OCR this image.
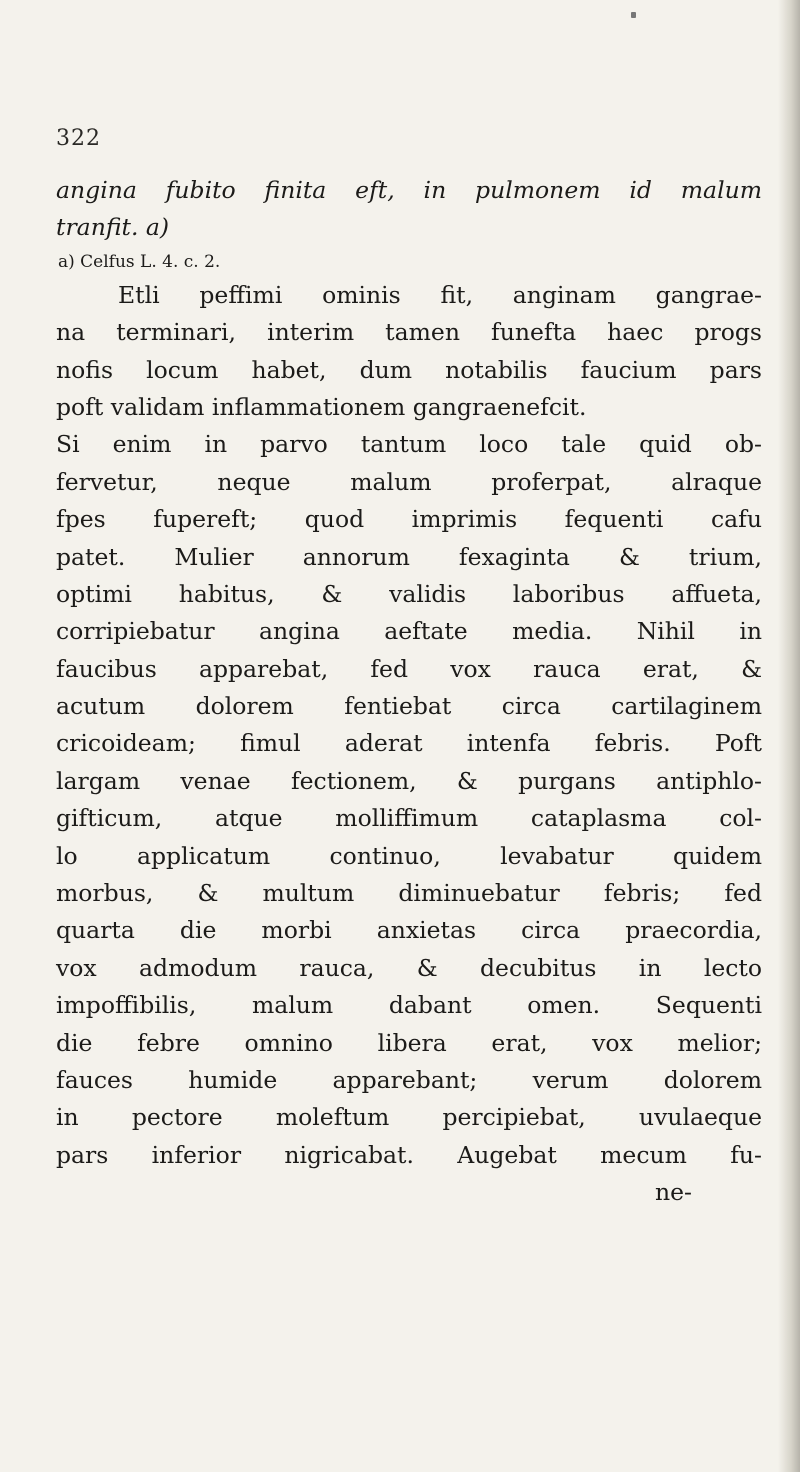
322
angina fubito finita eft, in pulmonem id malum
tranfit. a)
a) Celfus L. 4. c. 2.
Etli peffimi ominis fit, anginam gangrae-
na terminari, interim tamen funefta haec progs
nofis locum habet, dum notabilis faucium pars
poft validam inflammationem gangraenefcit.
Si enim in parvo tantum loco tale quid ob-
fervetur, neque malum proferpat, alraque
fpes fupereft; quod imprimis fequenti cafu
patet. Mulier annorum fexaginta & trium,
optimi habitus, & validis laboribus affueta,
corripiebatur angina aeftate media. Nihil in
faucibus apparebat, fed vox rauca erat, &
acutum dolorem fentiebat circa cartilaginem
cricoideam; fimul aderat intenfa febris. Poft
largam venae fectionem, & purgans antiphlo-
gifticum, atque molliffimum cataplasma col-
lo applicatum continuo, levabatur quidem
morbus, & multum diminuebatur febris; fed
quarta die morbi anxietas circa praecordia,
vox admodum rauca, & decubitus in lecto
impoffibilis, malum dabant omen. Sequenti
die febre omnino libera erat, vox melior;
fauces humide apparebant; verum dolorem
in pectore moleftum percipiebat, uvulaeque
pars inferior nigricabat. Augebat mecum fu-
ne-
